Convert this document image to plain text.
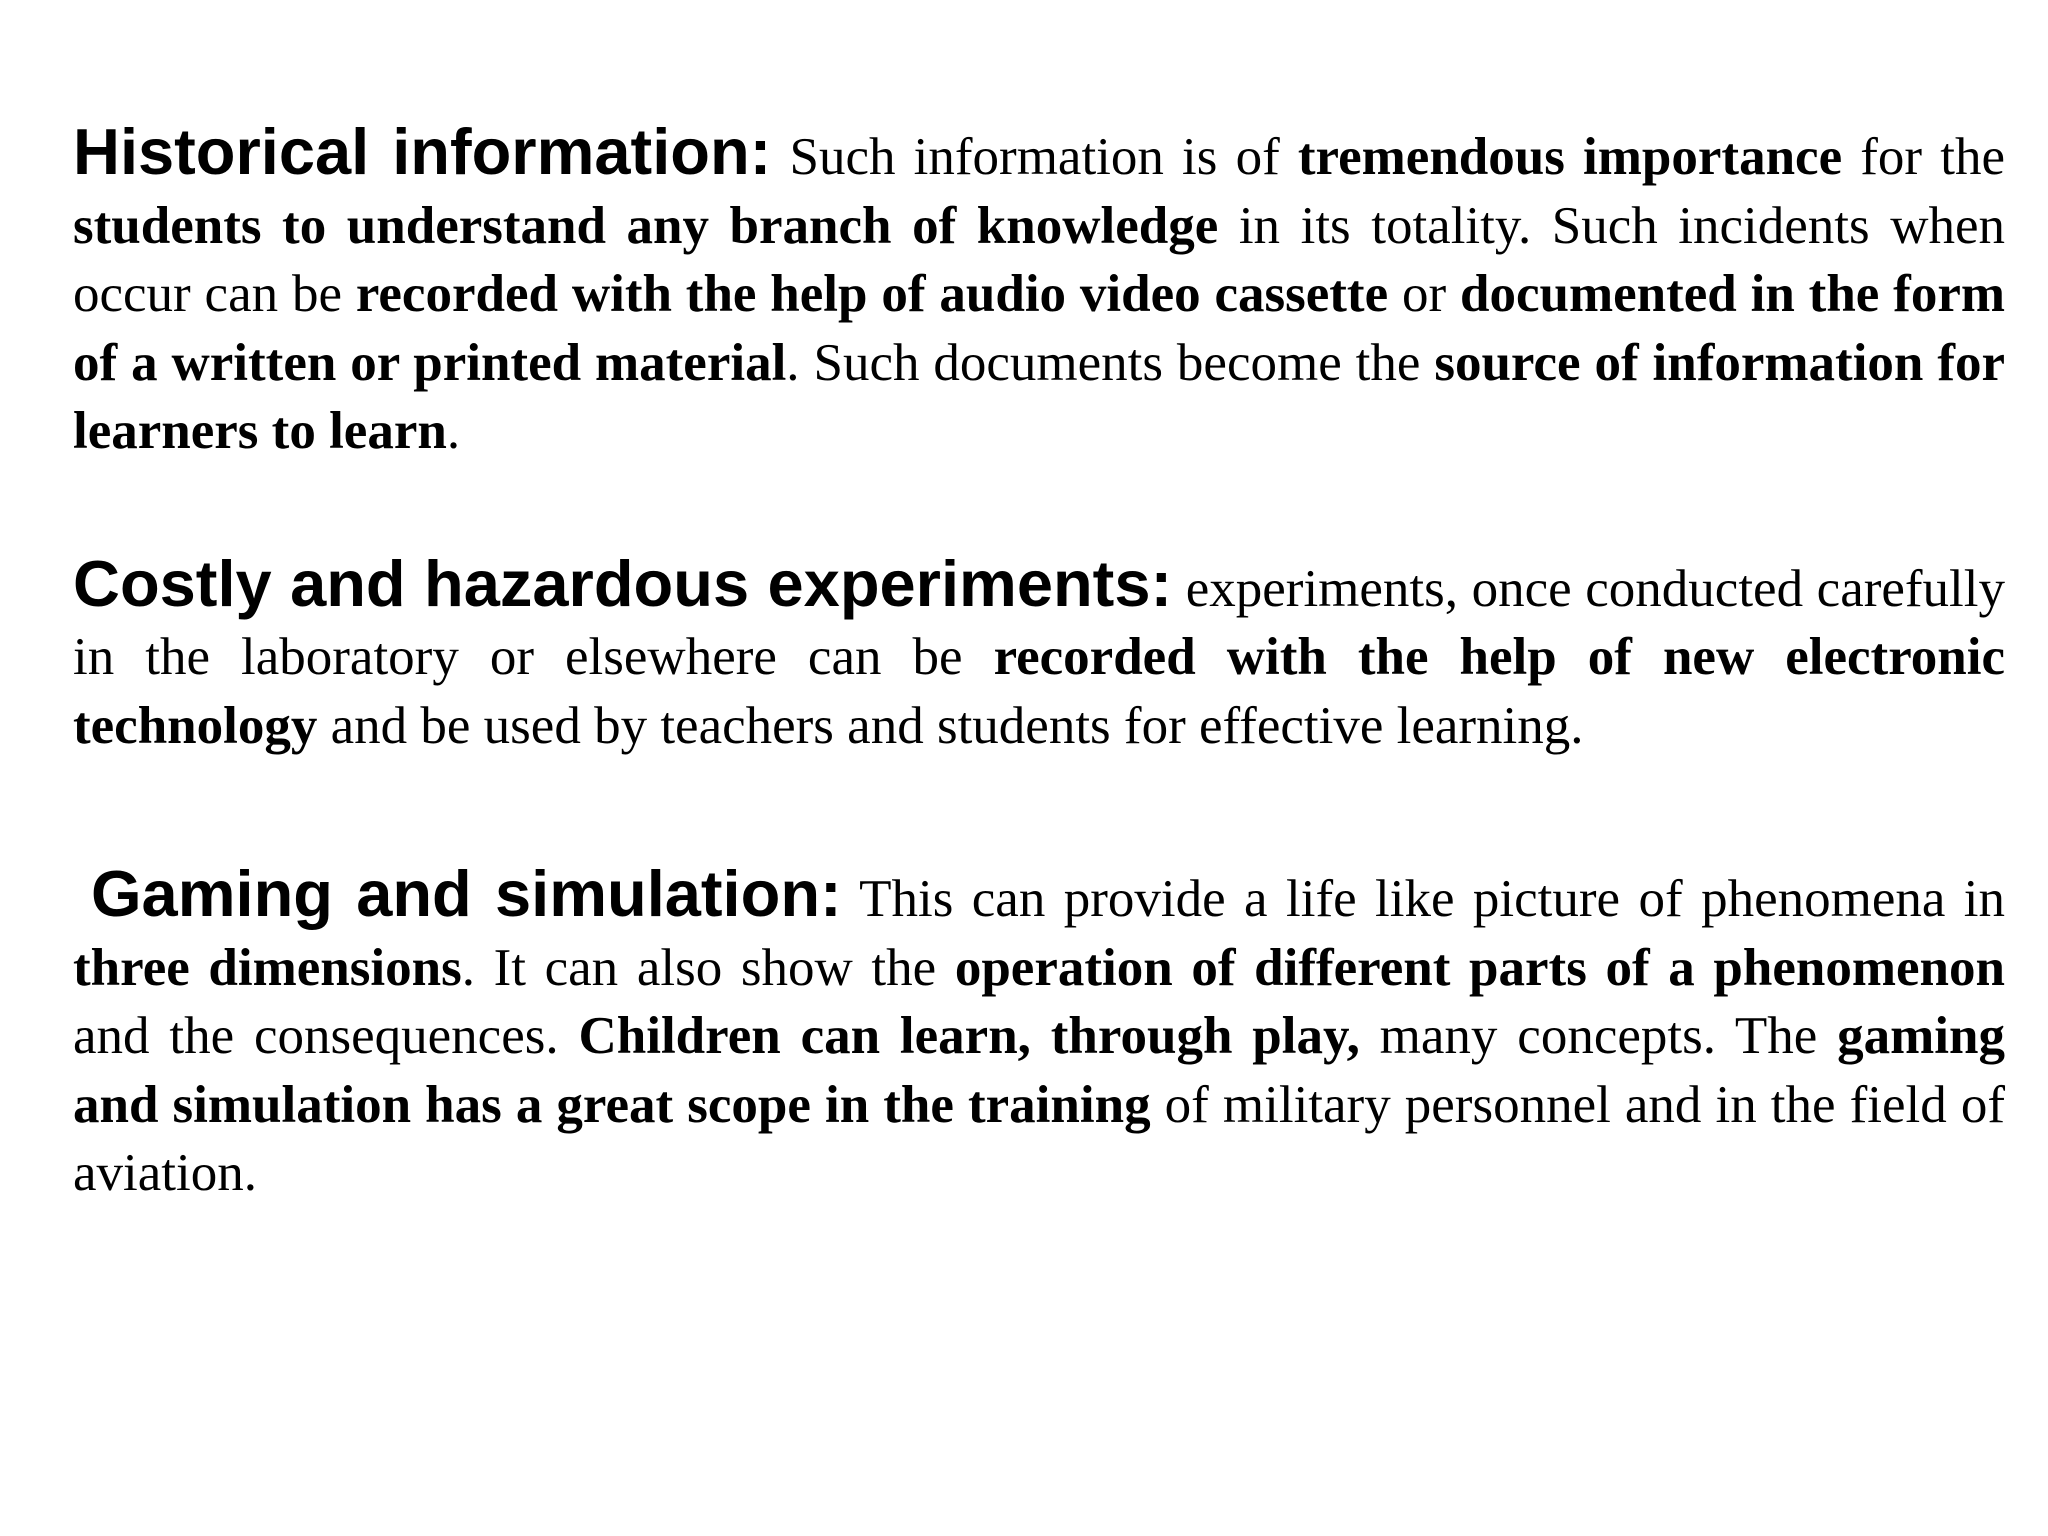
Historical information: Such information is of tremendous importance for the students to understand any branch of knowledge in its totality. Such incidents when occur can be recorded with the help of audio video cassette or documented in the form of a written or printed material. Such documents become the source of information for learners to learn.

Costly and hazardous experiments: experiments, once conducted carefully in the laboratory or elsewhere can be recorded with the help of new electronic technology and be used by teachers and students for effective learning.

Gaming and simulation: This can provide a life like picture of phenomena in three dimensions. It can also show the operation of different parts of a phenomenon and the consequences. Children can learn, through play, many concepts. The gaming and simulation has a great scope in the training of military personnel and in the field of aviation.
